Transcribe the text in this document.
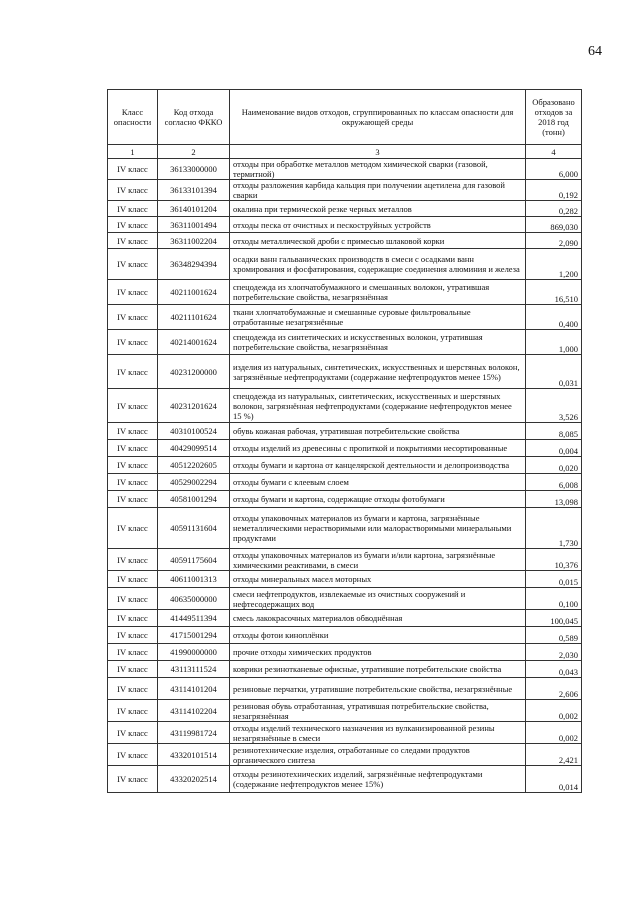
64
Класс опасности	Код отхода согласно ФККО	Наименование видов отходов, сгруппированных по классам опасности для окружающей среды	Образовано отходов за 2018 год (тонн)
1	2	3	4
IV класс	36133000000	отходы при обработке металлов методом химической сварки (газовой, термитной)	6,000
IV класс	36133101394	отходы разложения карбида кальция при получении ацетилена для газовой сварки	0,192
IV класс	36140101204	окалина при термической резке черных металлов	0,282
IV класс	36311001494	отходы песка от очистных и пескоструйных устройств	869,030
IV класс	36311002204	отходы металлической дроби с примесью шлаковой корки	2,090
IV класс	36348294394	осадки ванн гальванических производств в смеси с осадками ванн хромирования и фосфатирования, содержащие соединения алюминия и железа	1,200
IV класс	40211001624	спецодежда из хлопчатобумажного и смешанных волокон, утратившая потребительские свойства, незагрязнённая	16,510
IV класс	40211101624	ткани хлопчатобумажные и смешанные суровые фильтровальные отработанные незагрязнённые	0,400
IV класс	40214001624	спецодежда из синтетических и искусственных волокон, утратившая потребительские свойства, незагрязнённая	1,000
IV класс	40231200000	изделия из натуральных, синтетических, искусственных и шерстяных волокон, загрязнённые нефтепродуктами (содержание нефтепродуктов менее 15%)	0,031
IV класс	40231201624	спецодежда из натуральных, синтетических, искусственных и шерстяных волокон, загрязнённая нефтепродуктами (содержание нефтепродуктов менее 15 %)	3,526
IV класс	40310100524	обувь кожаная рабочая, утратившая потребительские свойства	8,085
IV класс	40429099514	отходы изделий из древесины с пропиткой и покрытиями несортированные	0,004
IV класс	40512202605	отходы бумаги и картона от канцелярской деятельности и делопроизводства	0,020
IV класс	40529002294	отходы бумаги с клеевым слоем	6,008
IV класс	40581001294	отходы бумаги и картона, содержащие отходы фотобумаги	13,098
IV класс	40591131604	отходы упаковочных материалов из бумаги и картона, загрязнённые неметаллическими нерастворимыми или малорастворимыми минеральными продуктами	1,730
IV класс	40591175604	отходы упаковочных материалов из бумаги и/или картона, загрязнённые химическими реактивами, в смеси	10,376
IV класс	40611001313	отходы минеральных масел моторных	0,015
IV класс	40635000000	смеси нефтепродуктов, извлекаемые из очистных сооружений и нефтесодержащих вод	0,100
IV класс	41449511394	смесь лакокрасочных материалов обводнённая	100,045
IV класс	41715001294	отходы фотои киноплёнки	0,589
IV класс	41990000000	прочие отходы химических продуктов	2,030
IV класс	43113111524	коврики резинотканевые офисные, утратившие потребительские свойства	0,043
IV класс	43114101204	резиновые перчатки, утратившие потребительские свойства, незагрязнённые	2,606
IV класс	43114102204	резиновая обувь отработанная, утратившая потребительские свойства, незагрязнённая	0,002
IV класс	43119981724	отходы изделий технического назначения из вулканизированной резины незагрязнённые в смеси	0,002
IV класс	43320101514	резинотехнические изделия, отработанные со следами продуктов органического синтеза	2,421
IV класс	43320202514	отходы резинотехнических изделий, загрязнённые нефтепродуктами (содержание нефтепродуктов менее 15%)	0,014
